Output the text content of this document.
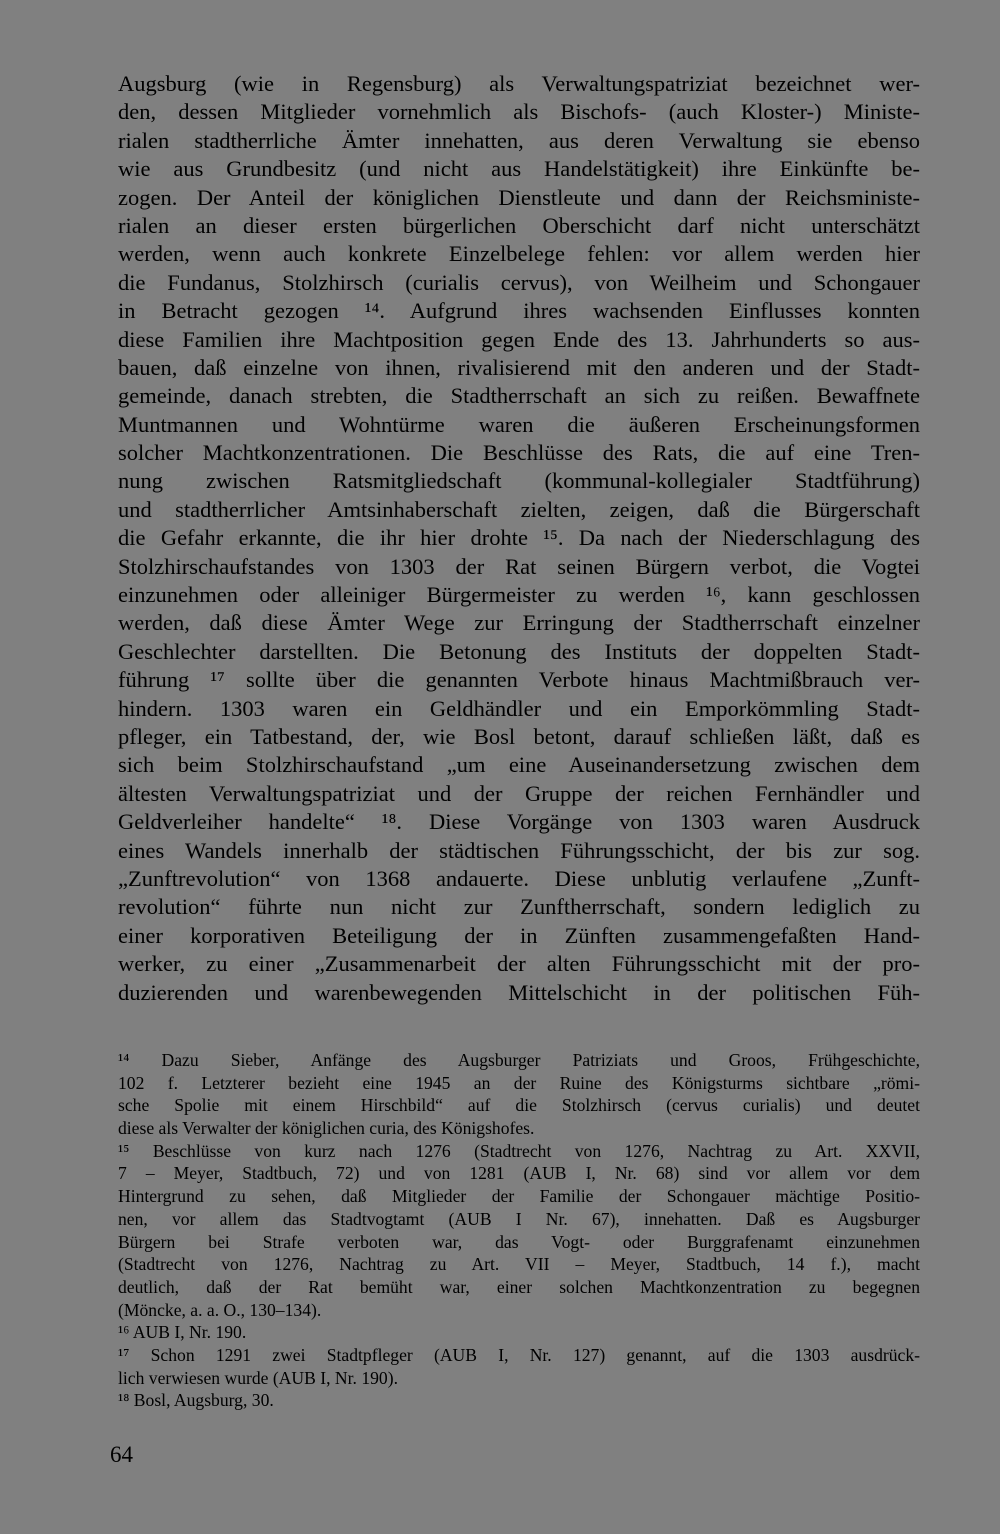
Augsburg (wie in Regensburg) als Verwaltungspatriziat bezeichnet wer-
den, dessen Mitglieder vornehmlich als Bischofs- (auch Kloster-) Ministe-
rialen stadtherrliche Ämter innehatten, aus deren Verwaltung sie ebenso
wie aus Grundbesitz (und nicht aus Handelstätigkeit) ihre Einkünfte be-
zogen. Der Anteil der königlichen Dienstleute und dann der Reichsministe-
rialen an dieser ersten bürgerlichen Oberschicht darf nicht unterschätzt
werden, wenn auch konkrete Einzelbelege fehlen: vor allem werden hier
die Fundanus, Stolzhirsch (curialis cervus), von Weilheim und Schongauer
in Betracht gezogen ¹⁴. Aufgrund ihres wachsenden Einflusses konnten
diese Familien ihre Machtposition gegen Ende des 13. Jahrhunderts so aus-
bauen, daß einzelne von ihnen, rivalisierend mit den anderen und der Stadt-
gemeinde, danach strebten, die Stadtherrschaft an sich zu reißen. Bewaffnete
Muntmannen und Wohntürme waren die äußeren Erscheinungsformen
solcher Machtkonzentrationen. Die Beschlüsse des Rats, die auf eine Tren-
nung zwischen Ratsmitgliedschaft (kommunal-kollegialer Stadtführung)
und stadtherrlicher Amtsinhaberschaft zielten, zeigen, daß die Bürgerschaft
die Gefahr erkannte, die ihr hier drohte ¹⁵. Da nach der Niederschlagung des
Stolzhirschaufstandes von 1303 der Rat seinen Bürgern verbot, die Vogtei
einzunehmen oder alleiniger Bürgermeister zu werden ¹⁶, kann geschlossen
werden, daß diese Ämter Wege zur Erringung der Stadtherrschaft einzelner
Geschlechter darstellten. Die Betonung des Instituts der doppelten Stadt-
führung ¹⁷ sollte über die genannten Verbote hinaus Machtmißbrauch ver-
hindern. 1303 waren ein Geldhändler und ein Emporkömmling Stadt-
pfleger, ein Tatbestand, der, wie Bosl betont, darauf schließen läßt, daß es
sich beim Stolzhirschaufstand „um eine Auseinandersetzung zwischen dem
ältesten Verwaltungspatriziat und der Gruppe der reichen Fernhändler und
Geldverleiher handelte“ ¹⁸. Diese Vorgänge von 1303 waren Ausdruck
eines Wandels innerhalb der städtischen Führungsschicht, der bis zur sog.
„Zunftrevolution“ von 1368 andauerte. Diese unblutig verlaufene „Zunft-
revolution“ führte nun nicht zur Zunftherrschaft, sondern lediglich zu
einer korporativen Beteiligung der in Zünften zusammengefaßten Hand-
werker, zu einer „Zusammenarbeit der alten Führungsschicht mit der pro-
duzierenden und warenbewegenden Mittelschicht in der politischen Füh-
¹⁴ Dazu Sieber, Anfänge des Augsburger Patriziats und Groos, Frühgeschichte,
102 f. Letzterer bezieht eine 1945 an der Ruine des Königsturms sichtbare „römi-
sche Spolie mit einem Hirschbild“ auf die Stolzhirsch (cervus curialis) und deutet
diese als Verwalter der königlichen curia, des Königshofes.
¹⁵ Beschlüsse von kurz nach 1276 (Stadtrecht von 1276, Nachtrag zu Art. XXVII,
7 – Meyer, Stadtbuch, 72) und von 1281 (AUB I, Nr. 68) sind vor allem vor dem
Hintergrund zu sehen, daß Mitglieder der Familie der Schongauer mächtige Positio-
nen, vor allem das Stadtvogtamt (AUB I Nr. 67), innehatten. Daß es Augsburger
Bürgern bei Strafe verboten war, das Vogt- oder Burggrafenamt einzunehmen
(Stadtrecht von 1276, Nachtrag zu Art. VII – Meyer, Stadtbuch, 14 f.), macht
deutlich, daß der Rat bemüht war, einer solchen Machtkonzentration zu begegnen
(Möncke, a. a. O., 130–134).
¹⁶ AUB I, Nr. 190.
¹⁷ Schon 1291 zwei Stadtpfleger (AUB I, Nr. 127) genannt, auf die 1303 ausdrück-
lich verwiesen wurde (AUB I, Nr. 190).
¹⁸ Bosl, Augsburg, 30.
64
